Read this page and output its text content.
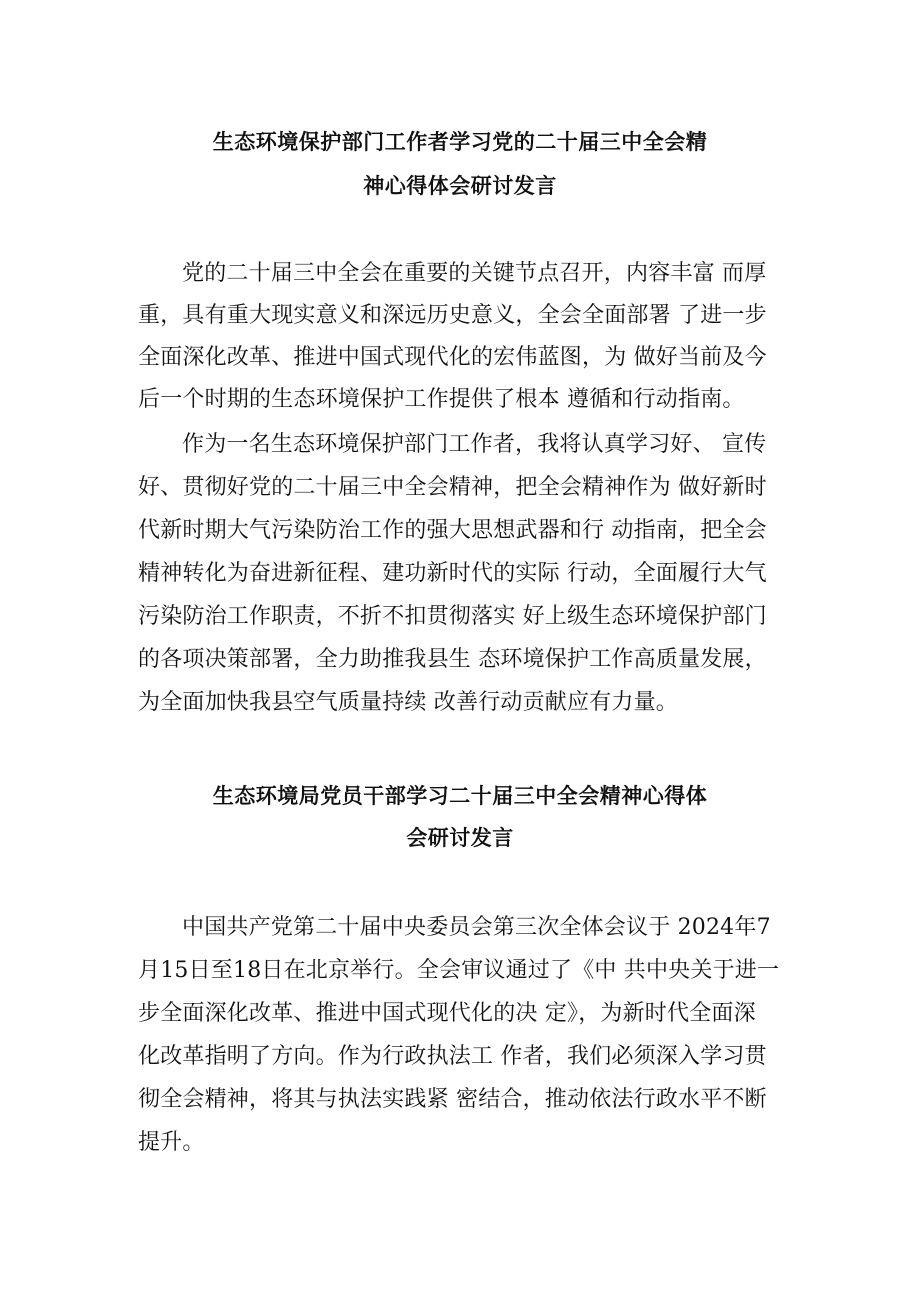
生态环境保护部门工作者学习党的二十届三中全会精
神心得体会研讨发言
党的二十届三中全会在重要的关键节点召开，内容丰富 而厚
重，具有重大现实意义和深远历史意义，全会全面部署 了进一步
全面深化改革、推进中国式现代化的宏伟蓝图，为 做好当前及今
后一个时期的生态环境保护工作提供了根本 遵循和行动指南。
作为一名生态环境保护部门工作者，我将认真学习好、 宣传
好、贯彻好党的二十届三中全会精神，把全会精神作为 做好新时
代新时期大气污染防治工作的强大思想武器和行 动指南，把全会
精神转化为奋进新征程、建功新时代的实际 行动，全面履行大气
污染防治工作职责，不折不扣贯彻落实 好上级生态环境保护部门
的各项决策部署，全力助推我县生 态环境保护工作高质量发展，
为全面加快我县空气质量持续 改善行动贡献应有力量。
生态环境局党员干部学习二十届三中全会精神心得体
会研讨发言
中国共产党第二十届中央委员会第三次全体会议于 2024年7
月15日至18日在北京举行。全会审议通过了《中 共中央关于进一
步全面深化改革、推进中国式现代化的决 定》，为新时代全面深
化改革指明了方向。作为行政执法工 作者，我们必须深入学习贯
彻全会精神，将其与执法实践紧 密结合，推动依法行政水平不断
提升。
